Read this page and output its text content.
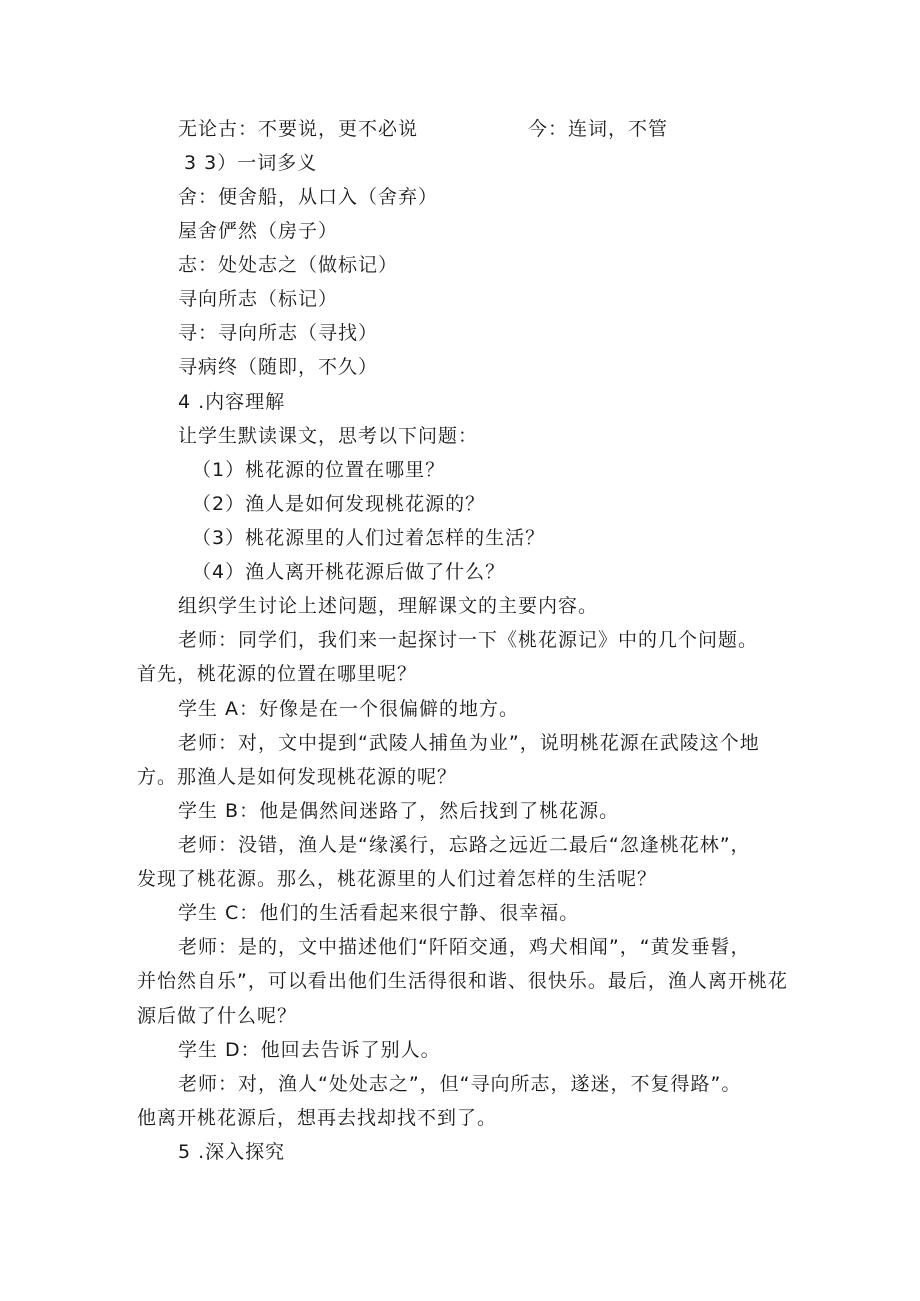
无论古：不要说，更不必说	今：连词，不管
3 3）一词多义
舍：便舍船，从口入（舍弃）
屋舍俨然（房子）
志：处处志之（做标记）
寻向所志（标记）
寻：寻向所志（寻找）
寻病终（随即，不久）
4 .内容理解
让学生默读课文，思考以下问题：
（1）桃花源的位置在哪里？
（2）渔人是如何发现桃花源的？
（3）桃花源里的人们过着怎样的生活？
（4）渔人离开桃花源后做了什么？
组织学生讨论上述问题，理解课文的主要内容。
老师：同学们，我们来一起探讨一下《桃花源记》中的几个问题。
首先，桃花源的位置在哪里呢？
学生 A：好像是在一个很偏僻的地方。
老师：对，文中提到“武陵人捕鱼为业”，说明桃花源在武陵这个地
方。那渔人是如何发现桃花源的呢？
学生 B：他是偶然间迷路了，然后找到了桃花源。
老师：没错，渔人是“缘溪行，忘路之远近二最后“忽逢桃花林”，
发现了桃花源。那么，桃花源里的人们过着怎样的生活呢？
学生 C：他们的生活看起来很宁静、很幸福。
老师：是的，文中描述他们“阡陌交通，鸡犬相闻”，“黄发垂髫，
并怡然自乐”，可以看出他们生活得很和谐、很快乐。最后，渔人离开桃花
源后做了什么呢？
学生 D：他回去告诉了别人。
老师：对，渔人“处处志之”，但“寻向所志，遂迷，不复得路”。
他离开桃花源后，想再去找却找不到了。
5 .深入探究
